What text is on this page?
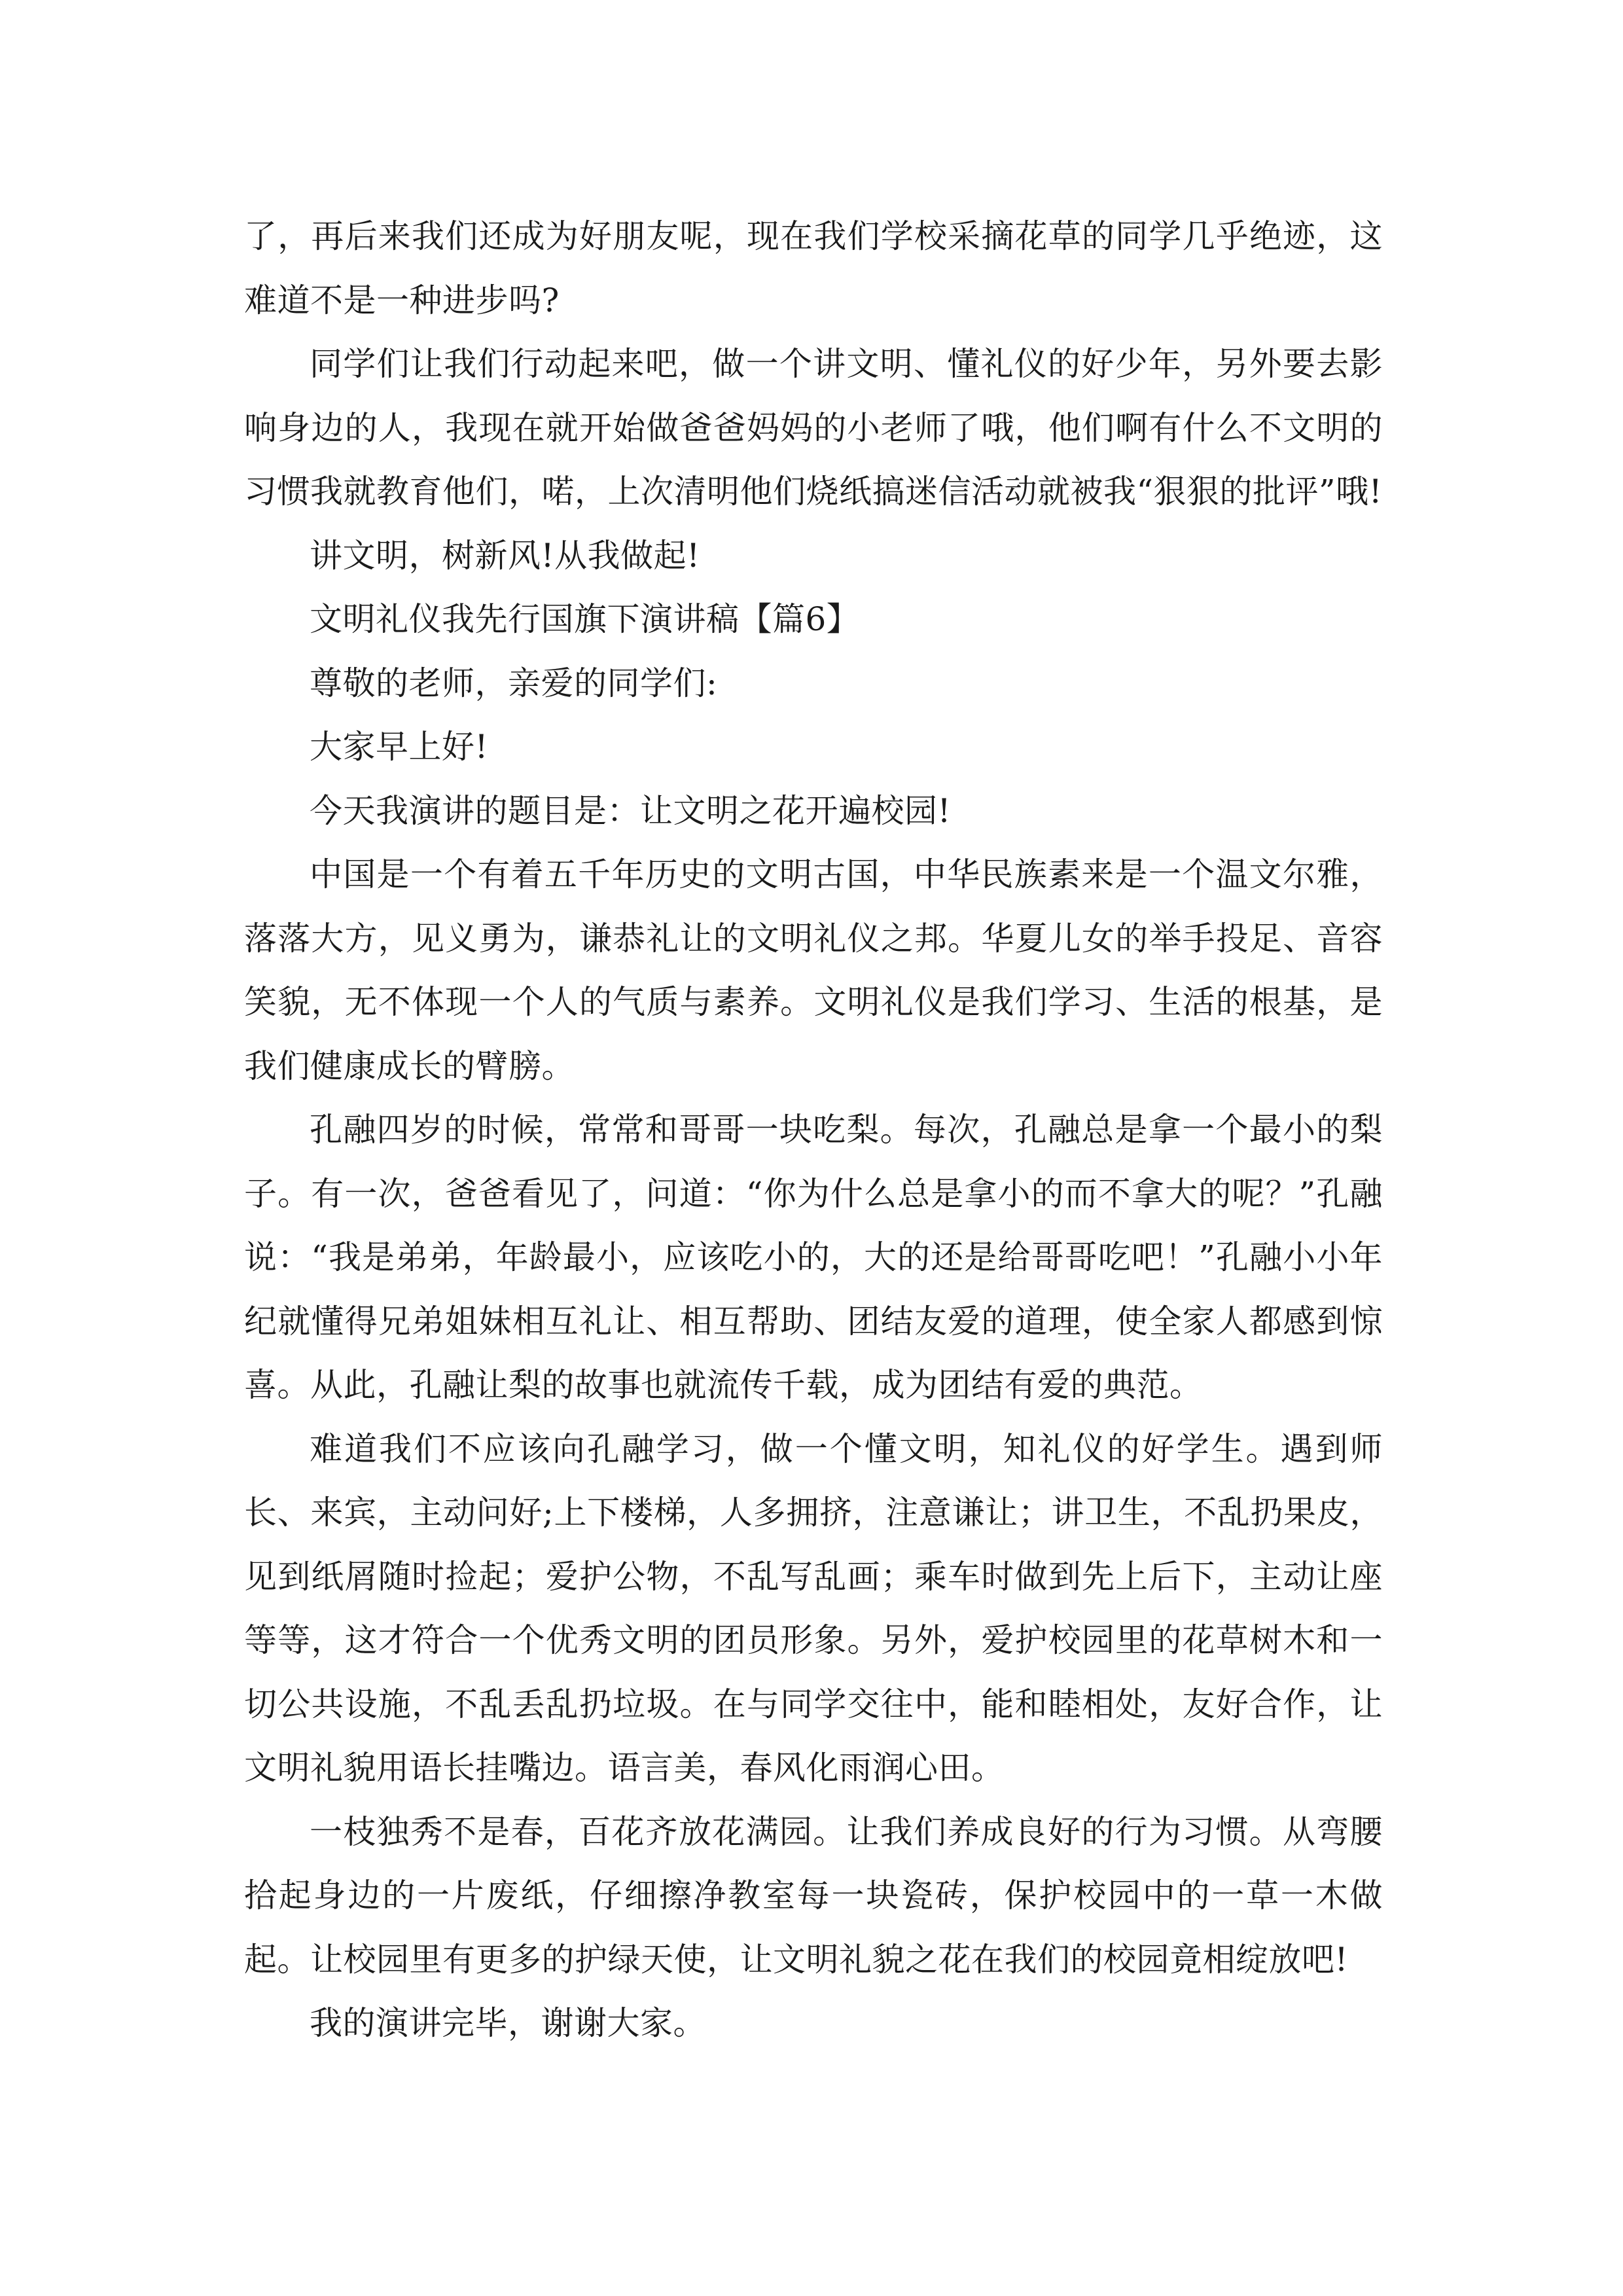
了，再后来我们还成为好朋友呢，现在我们学校采摘花草的同学几乎绝迹，这难道不是一种进步吗?

同学们让我们行动起来吧，做一个讲文明、懂礼仪的好少年，另外要去影响身边的人，我现在就开始做爸爸妈妈的小老师了哦，他们啊有什么不文明的习惯我就教育他们，喏，上次清明他们烧纸搞迷信活动就被我“狠狠的批评”哦!

讲文明，树新风!从我做起!

文明礼仪我先行国旗下演讲稿【篇6】

尊敬的老师，亲爱的同学们:

大家早上好!

今天我演讲的题目是：让文明之花开遍校园!

中国是一个有着五千年历史的文明古国，中华民族素来是一个温文尔雅，落落大方，见义勇为，谦恭礼让的文明礼仪之邦。华夏儿女的举手投足、音容笑貌，无不体现一个人的气质与素养。文明礼仪是我们学习、生活的根基，是我们健康成长的臂膀。

孔融四岁的时候，常常和哥哥一块吃梨。每次，孔融总是拿一个最小的梨子。有一次，爸爸看见了，问道：“你为什么总是拿小的而不拿大的呢？”孔融说：“我是弟弟，年龄最小，应该吃小的，大的还是给哥哥吃吧！”孔融小小年纪就懂得兄弟姐妹相互礼让、相互帮助、团结友爱的道理，使全家人都感到惊喜。从此，孔融让梨的故事也就流传千载，成为团结有爱的典范。

难道我们不应该向孔融学习，做一个懂文明，知礼仪的好学生。遇到师长、来宾，主动问好;上下楼梯，人多拥挤，注意谦让；讲卫生，不乱扔果皮，见到纸屑随时捡起；爱护公物，不乱写乱画；乘车时做到先上后下，主动让座等等，这才符合一个优秀文明的团员形象。另外，爱护校园里的花草树木和一切公共设施，不乱丢乱扔垃圾。在与同学交往中，能和睦相处，友好合作，让文明礼貌用语长挂嘴边。语言美，春风化雨润心田。

一枝独秀不是春，百花齐放花满园。让我们养成良好的行为习惯。从弯腰拾起身边的一片废纸，仔细擦净教室每一块瓷砖，保护校园中的一草一木做起。让校园里有更多的护绿天使，让文明礼貌之花在我们的校园竟相绽放吧!

我的演讲完毕，谢谢大家。
